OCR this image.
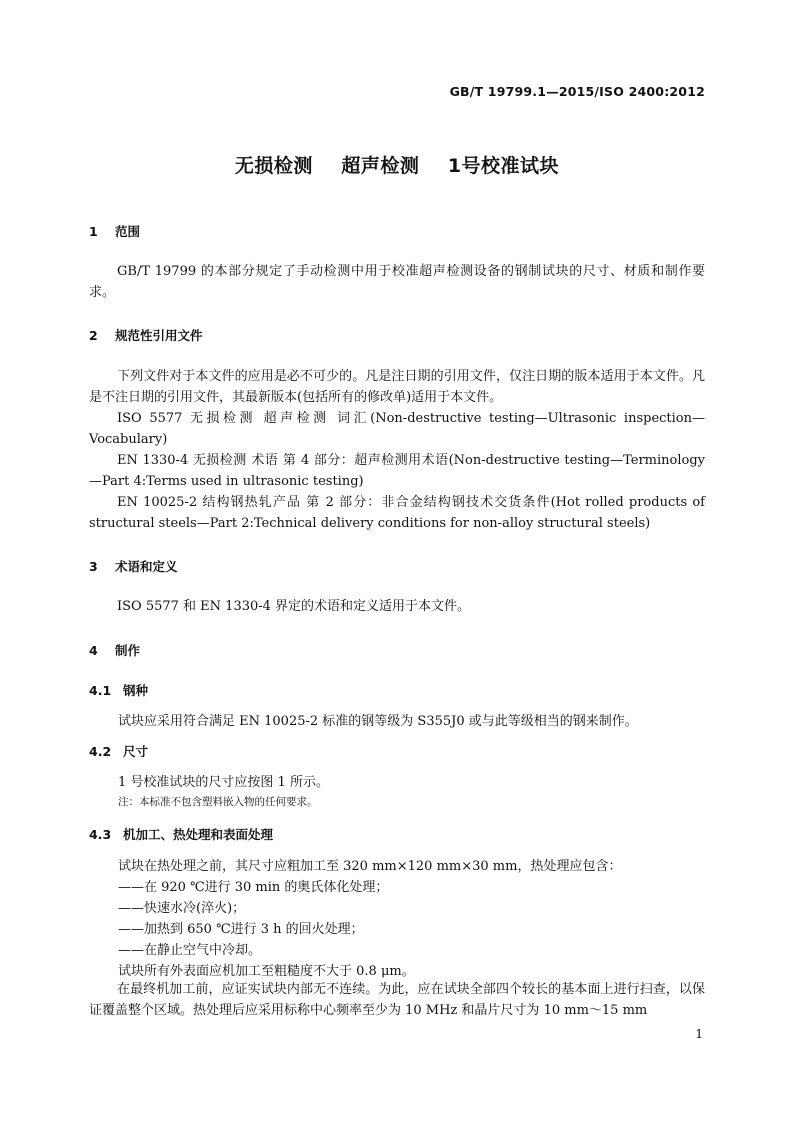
GB/T 19799.1—2015/ISO 2400:2012
无损检测    超声检测    1号校准试块
1 范围

GB/T 19799 的本部分规定了手动检测中用于校准超声检测设备的钢制试块的尺寸、材质和制作要求。

2 规范性引用文件

下列文件对于本文件的应用是必不可少的。凡是注日期的引用文件，仅注日期的版本适用于本文件。凡是不注日期的引用文件，其最新版本(包括所有的修改单)适用于本文件。

ISO 5577 无损检测 超声检测 词汇(Non-destructive testing—Ultrasonic inspection—Vocabulary)

EN 1330-4 无损检测 术语 第 4 部分：超声检测用术语(Non-destructive testing—Terminology—Part 4:Terms used in ultrasonic testing)

EN 10025-2 结构钢热轧产品 第 2 部分：非合金结构钢技术交货条件(Hot rolled products of structural steels—Part 2:Technical delivery conditions for non-alloy structural steels)

3 术语和定义

ISO 5577 和 EN 1330-4 界定的术语和定义适用于本文件。

4 制作
4.1 钢种
试块应采用符合满足 EN 10025-2 标准的钢等级为 S355J0 或与此等级相当的钢来制作。
4.2 尺寸
1 号校准试块的尺寸应按图 1 所示。
注：本标准不包含塑料嵌入物的任何要求。
4.3 机加工、热处理和表面处理
试块在热处理之前，其尺寸应粗加工至 320 mm×120 mm×30 mm，热处理应包含：
——在 920 ℃进行 30 min 的奥氏体化处理；
——快速水冷(淬火)；
——加热到 650 ℃进行 3 h 的回火处理；
——在静止空气中冷却。
试块所有外表面应机加工至粗糙度不大于 0.8 μm。

在最终机加工前，应证实试块内部无不连续。为此，应在试块全部四个较长的基本面上进行扫查，以保证覆盖整个区域。热处理后应采用标称中心频率至少为 10 MHz 和晶片尺寸为 10 mm～15 mm

1
